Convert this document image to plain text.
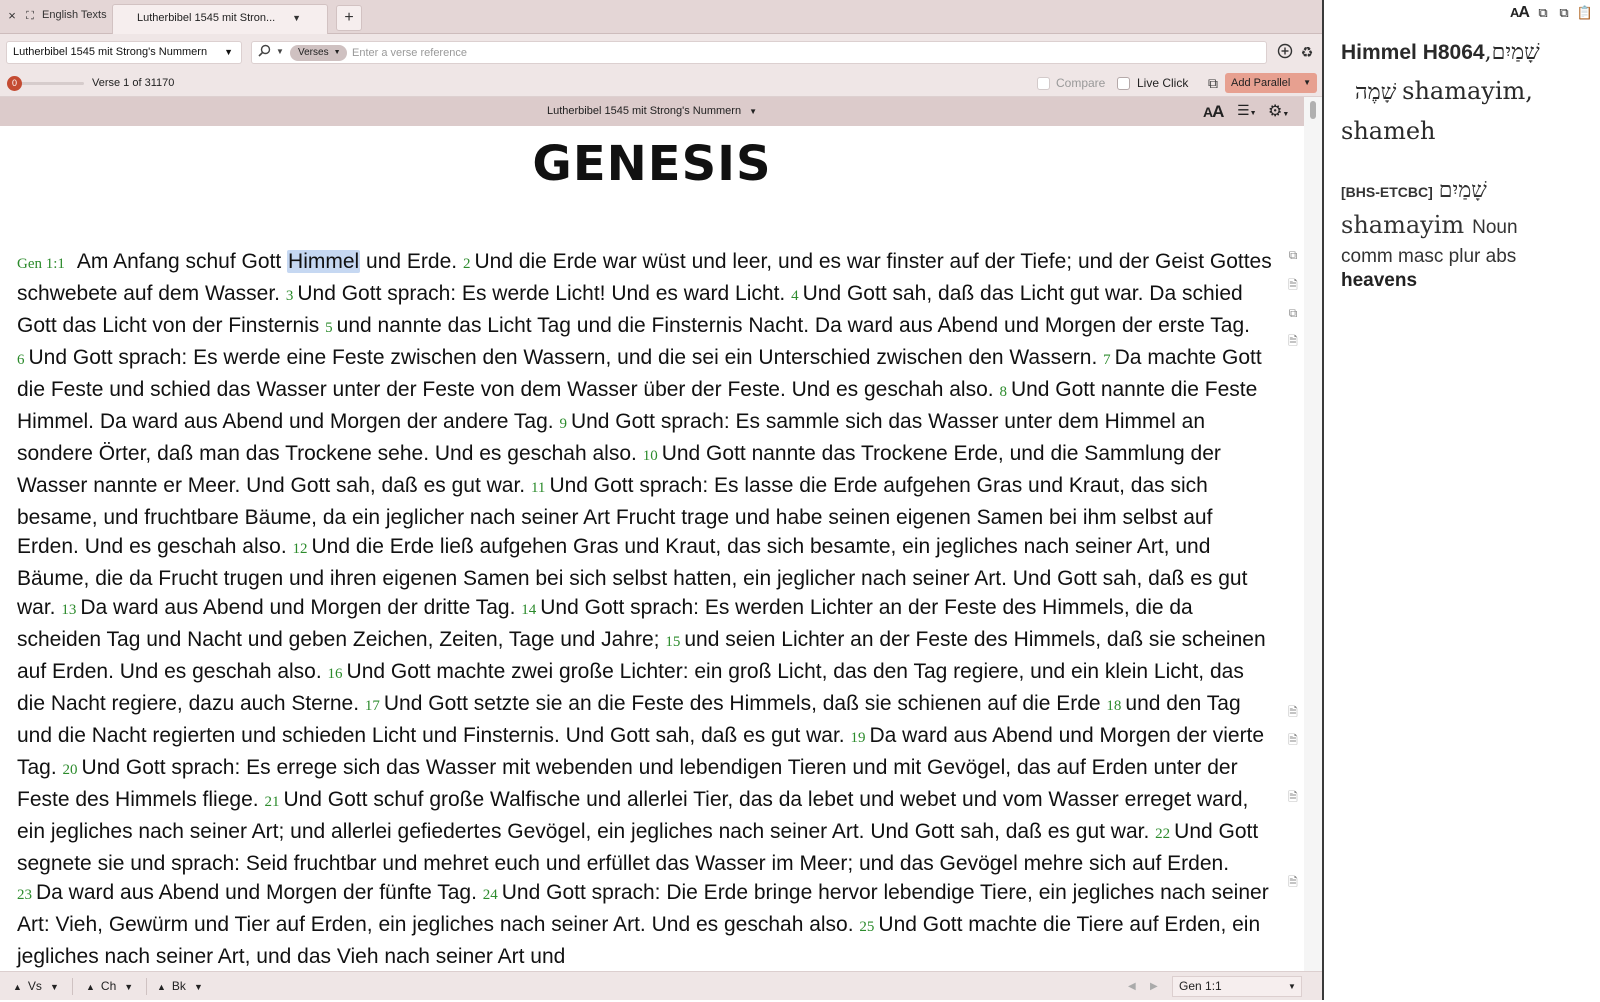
× ⛶ English Texts	Lutherbibel 1545 mit Stron... ▼	+
Lutherbibel 1545 mit Strong's Nummern ▼	▼	Verses ▼
Enter a verse reference	♻
0	Verse 1 of 31170	Compare	Live Click ⧉	Add Parallel ▼
Lutherbibel 1545 mit Strong's Nummern ▼	AA ☰▼ ⚙▼
GENESIS
Gen 1:1 Am Anfang schuf Gott Himmel und Erde. 2 Und die Erde war wüst und leer, und es war finster auf der Tiefe; und der Geist Gottes schwebete auf dem Wasser. 3 Und Gott sprach: Es werde Licht! Und es ward Licht. 4 Und Gott sah, daß das Licht gut war. Da schied Gott das Licht von der Finsternis 5 und nannte das Licht Tag und die Finsternis Nacht. Da ward aus Abend und Morgen der erste Tag. 6 Und Gott sprach: Es werde eine Feste zwischen den Wassern, und die sei ein Unterschied zwischen den Wassern. 7 Da machte Gott die Feste und schied das Wasser unter der Feste von dem Wasser über der Feste. Und es geschah also. 8 Und Gott nannte die Feste Himmel. Da ward aus Abend und Morgen der andere Tag. 9 Und Gott sprach: Es sammle sich das Wasser unter dem Himmel an sondere Örter, daß man das Trockene sehe. Und es geschah also. 10 Und Gott nannte das Trockene Erde, und die Sammlung der Wasser nannte er Meer. Und Gott sah, daß es gut war. 11 Und Gott sprach: Es lasse die Erde aufgehen Gras und Kraut, das sich besame, und fruchtbare Bäume, da ein jeglicher nach seiner Art Frucht trage und habe seinen eigenen Samen bei ihm selbst auf Erden. Und es geschah also. 12 Und die Erde ließ aufgehen Gras und Kraut, das sich besamte, ein jegliches nach seiner Art, und Bäume, die da Frucht trugen und ihren eigenen Samen bei sich selbst hatten, ein jeglicher nach seiner Art. Und Gott sah, daß es gut war. 13 Da ward aus Abend und Morgen der dritte Tag. 14 Und Gott sprach: Es werden Lichter an der Feste des Himmels, die da scheiden Tag und Nacht und geben Zeichen, Zeiten, Tage und Jahre; 15 und seien Lichter an der Feste des Himmels, daß sie scheinen auf Erden. Und es geschah also. 16 Und Gott machte zwei große Lichter: ein groß Licht, das den Tag regiere, und ein klein Licht, das die Nacht regiere, dazu auch Sterne. 17 Und Gott setzte sie an die Feste des Himmels, daß sie schienen auf die Erde 18 und den Tag und die Nacht regierten und schieden Licht und Finsternis. Und Gott sah, daß es gut war. 19 Da ward aus Abend und Morgen der vierte Tag. 20 Und Gott sprach: Es errege sich das Wasser mit webenden und lebendigen Tieren und mit Gevögel, das auf Erden unter der Feste des Himmels fliege. 21 Und Gott schuf große Walfische und allerlei Tier, das da lebet und webet und vom Wasser erreget ward, ein jegliches nach seiner Art; und allerlei gefiedertes Gevögel, ein jegliches nach seiner Art. Und Gott sah, daß es gut war. 22 Und Gott segnete sie und sprach: Seid fruchtbar und mehret euch und erfüllet das Wasser im Meer; und das Gevögel mehre sich auf Erden. 23 Da ward aus Abend und Morgen der fünfte Tag. 24 Und Gott sprach: Die Erde bringe hervor lebendige Tiere, ein jegliches nach seiner Art: Vieh, Gewürm und Tier auf Erden, ein jegliches nach seiner Art. Und es geschah also. 25 Und Gott machte die Tiere auf Erden, ein jegliches nach seiner Art, und das Vieh nach seiner Art und
⧉
🗎
⧉
🗎
🗎
🗎
🗎
🗎
▲ Vs ▼	▲ Ch ▼	▲ Bk ▼	◀ ▶	Gen 1:1	▼
AA ⧉ ⧉ 📋
Himmel H8064שָׁמַיִם, שָׁמֶה shamayim, shameh
[BHS-ETCBC] שָׁמַיִם
shamayim Noun
comm masc plur abs
heavens
